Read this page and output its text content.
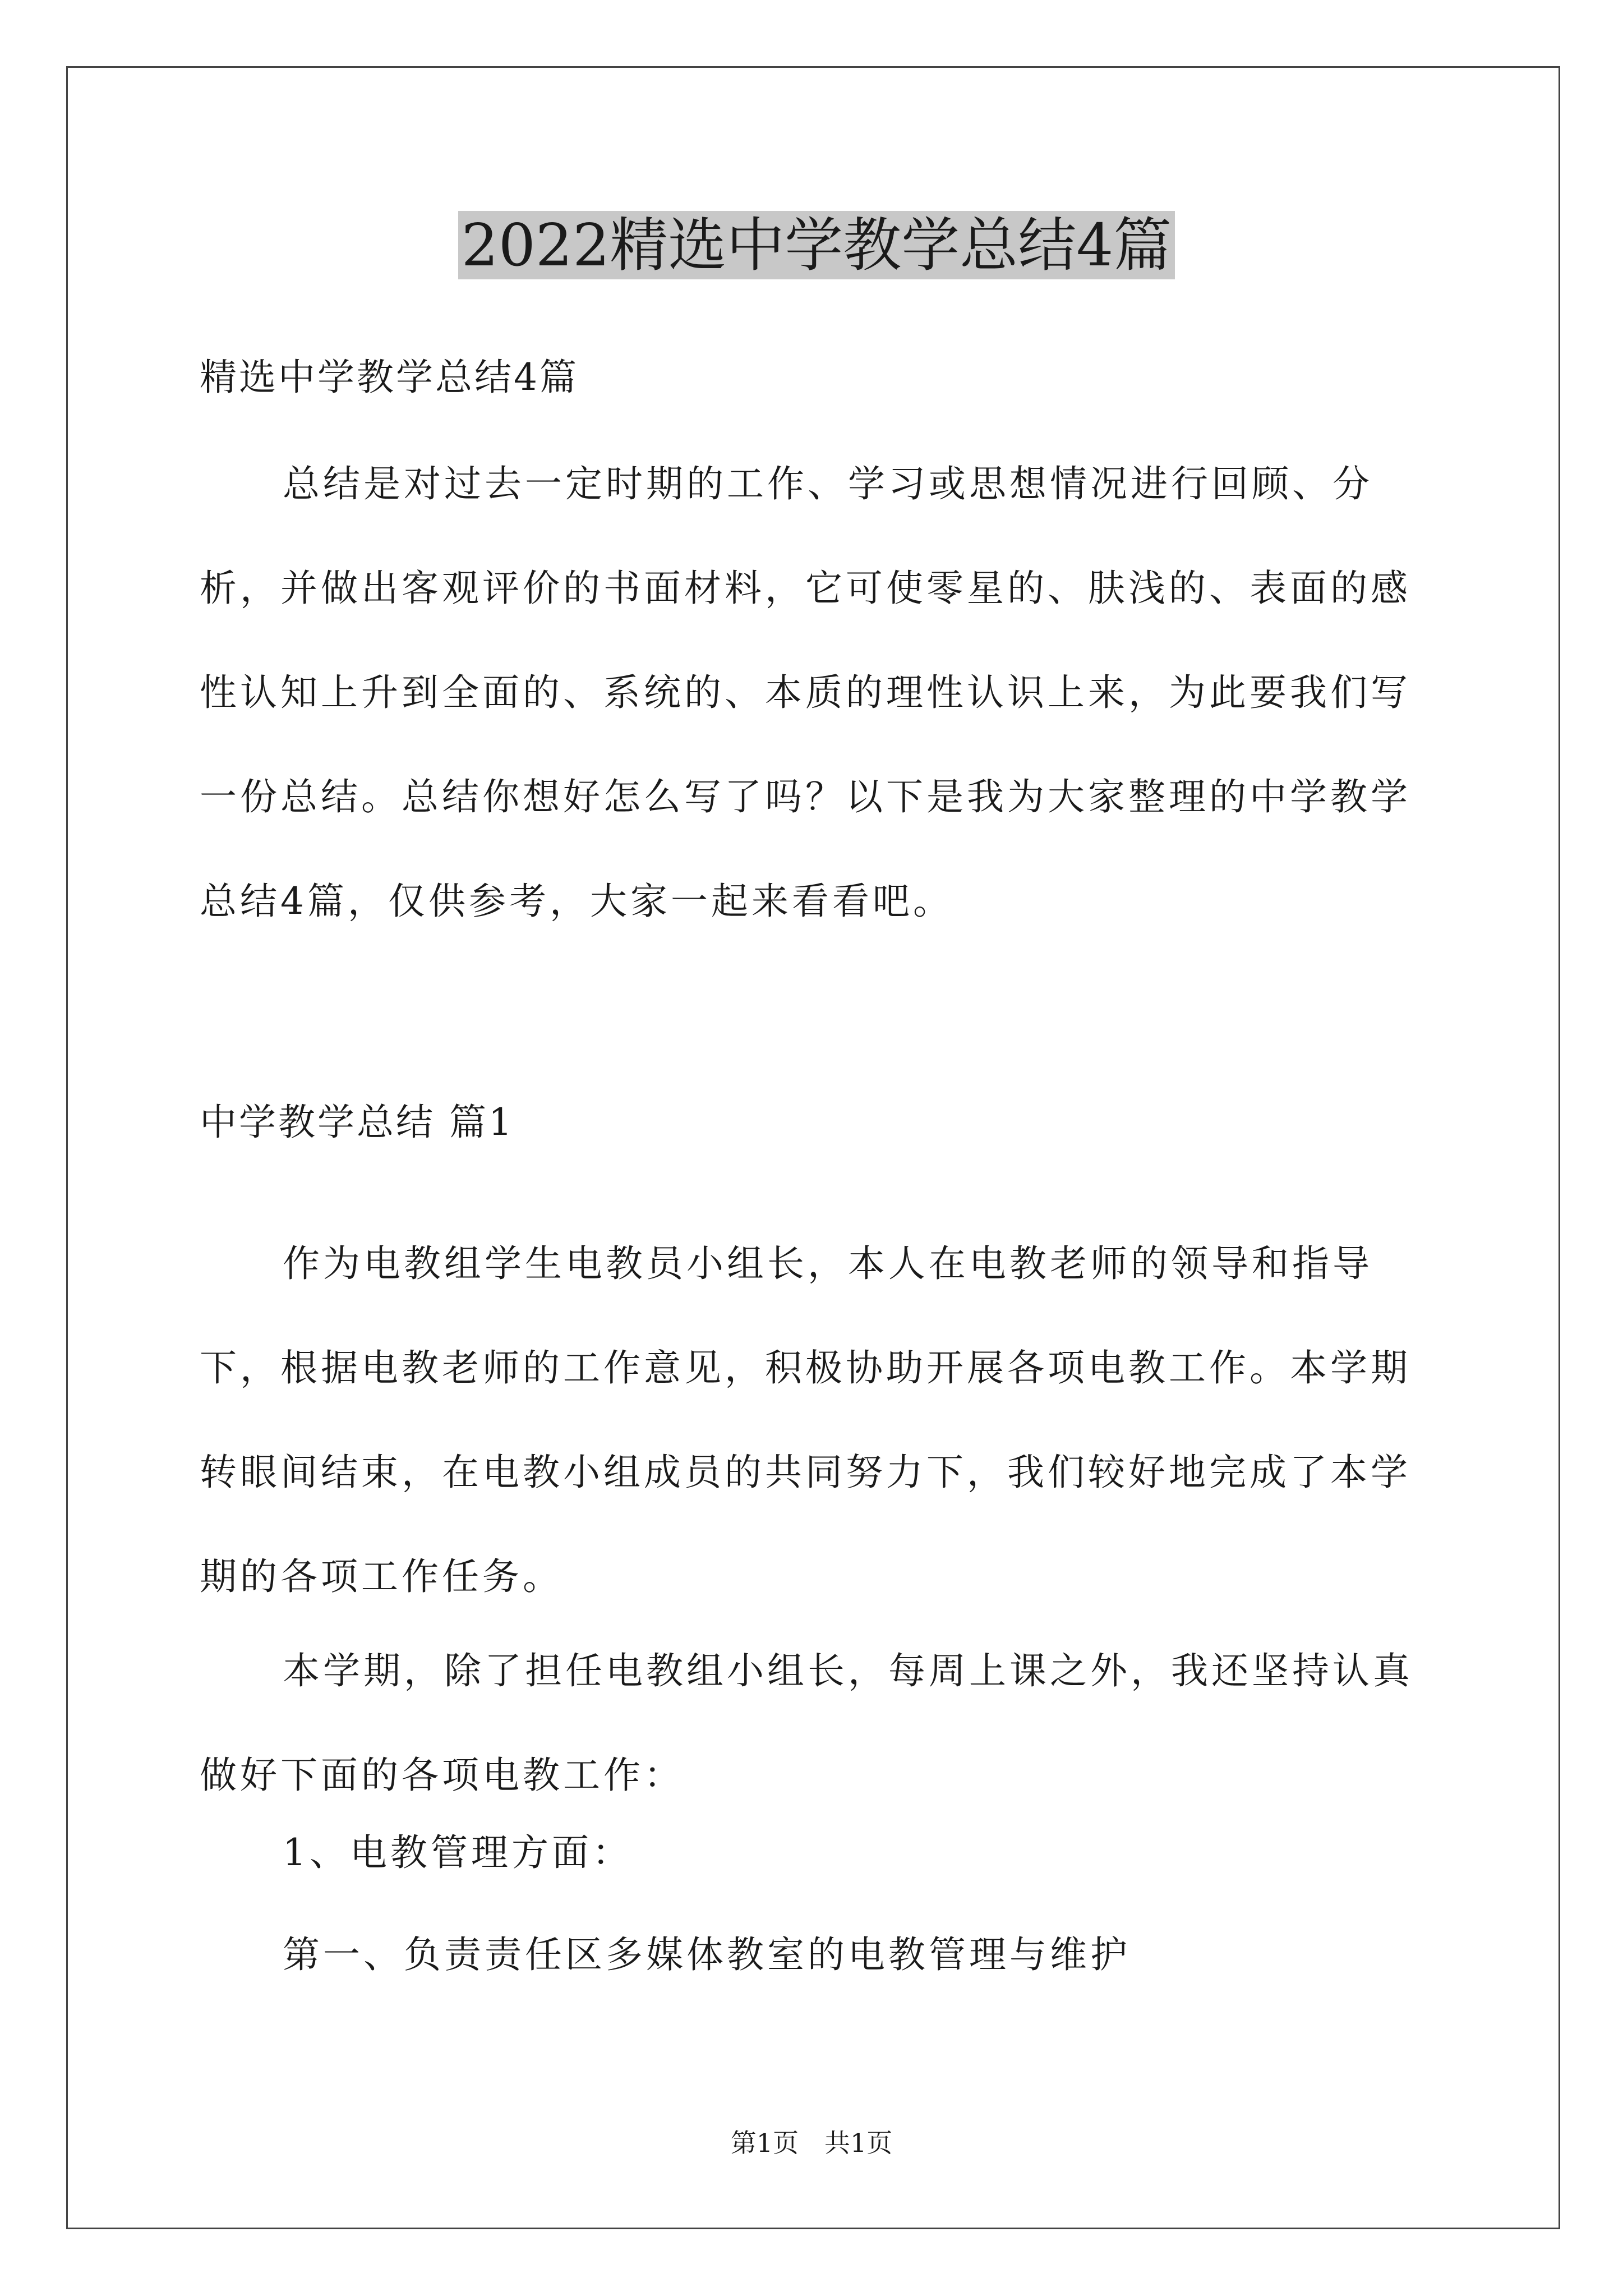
2022精选中学教学总结4篇

精选中学教学总结4篇

总结是对过去一定时期的工作、学习或思想情况进行回顾、分析，并做出客观评价的书面材料，它可使零星的、肤浅的、表面的感性认知上升到全面的、系统的、本质的理性认识上来，为此要我们写一份总结。总结你想好怎么写了吗？以下是我为大家整理的中学教学总结4篇，仅供参考，大家一起来看看吧。

中学教学总结 篇1

作为电教组学生电教员小组长，本人在电教老师的领导和指导下，根据电教老师的工作意见，积极协助开展各项电教工作。本学期转眼间结束，在电教小组成员的共同努力下，我们较好地完成了本学期的各项工作任务。

本学期，除了担任电教组小组长，每周上课之外，我还坚持认真做好下面的各项电教工作：

1、电教管理方面：

第一、负责责任区多媒体教室的电教管理与维护

第1页　共1页
